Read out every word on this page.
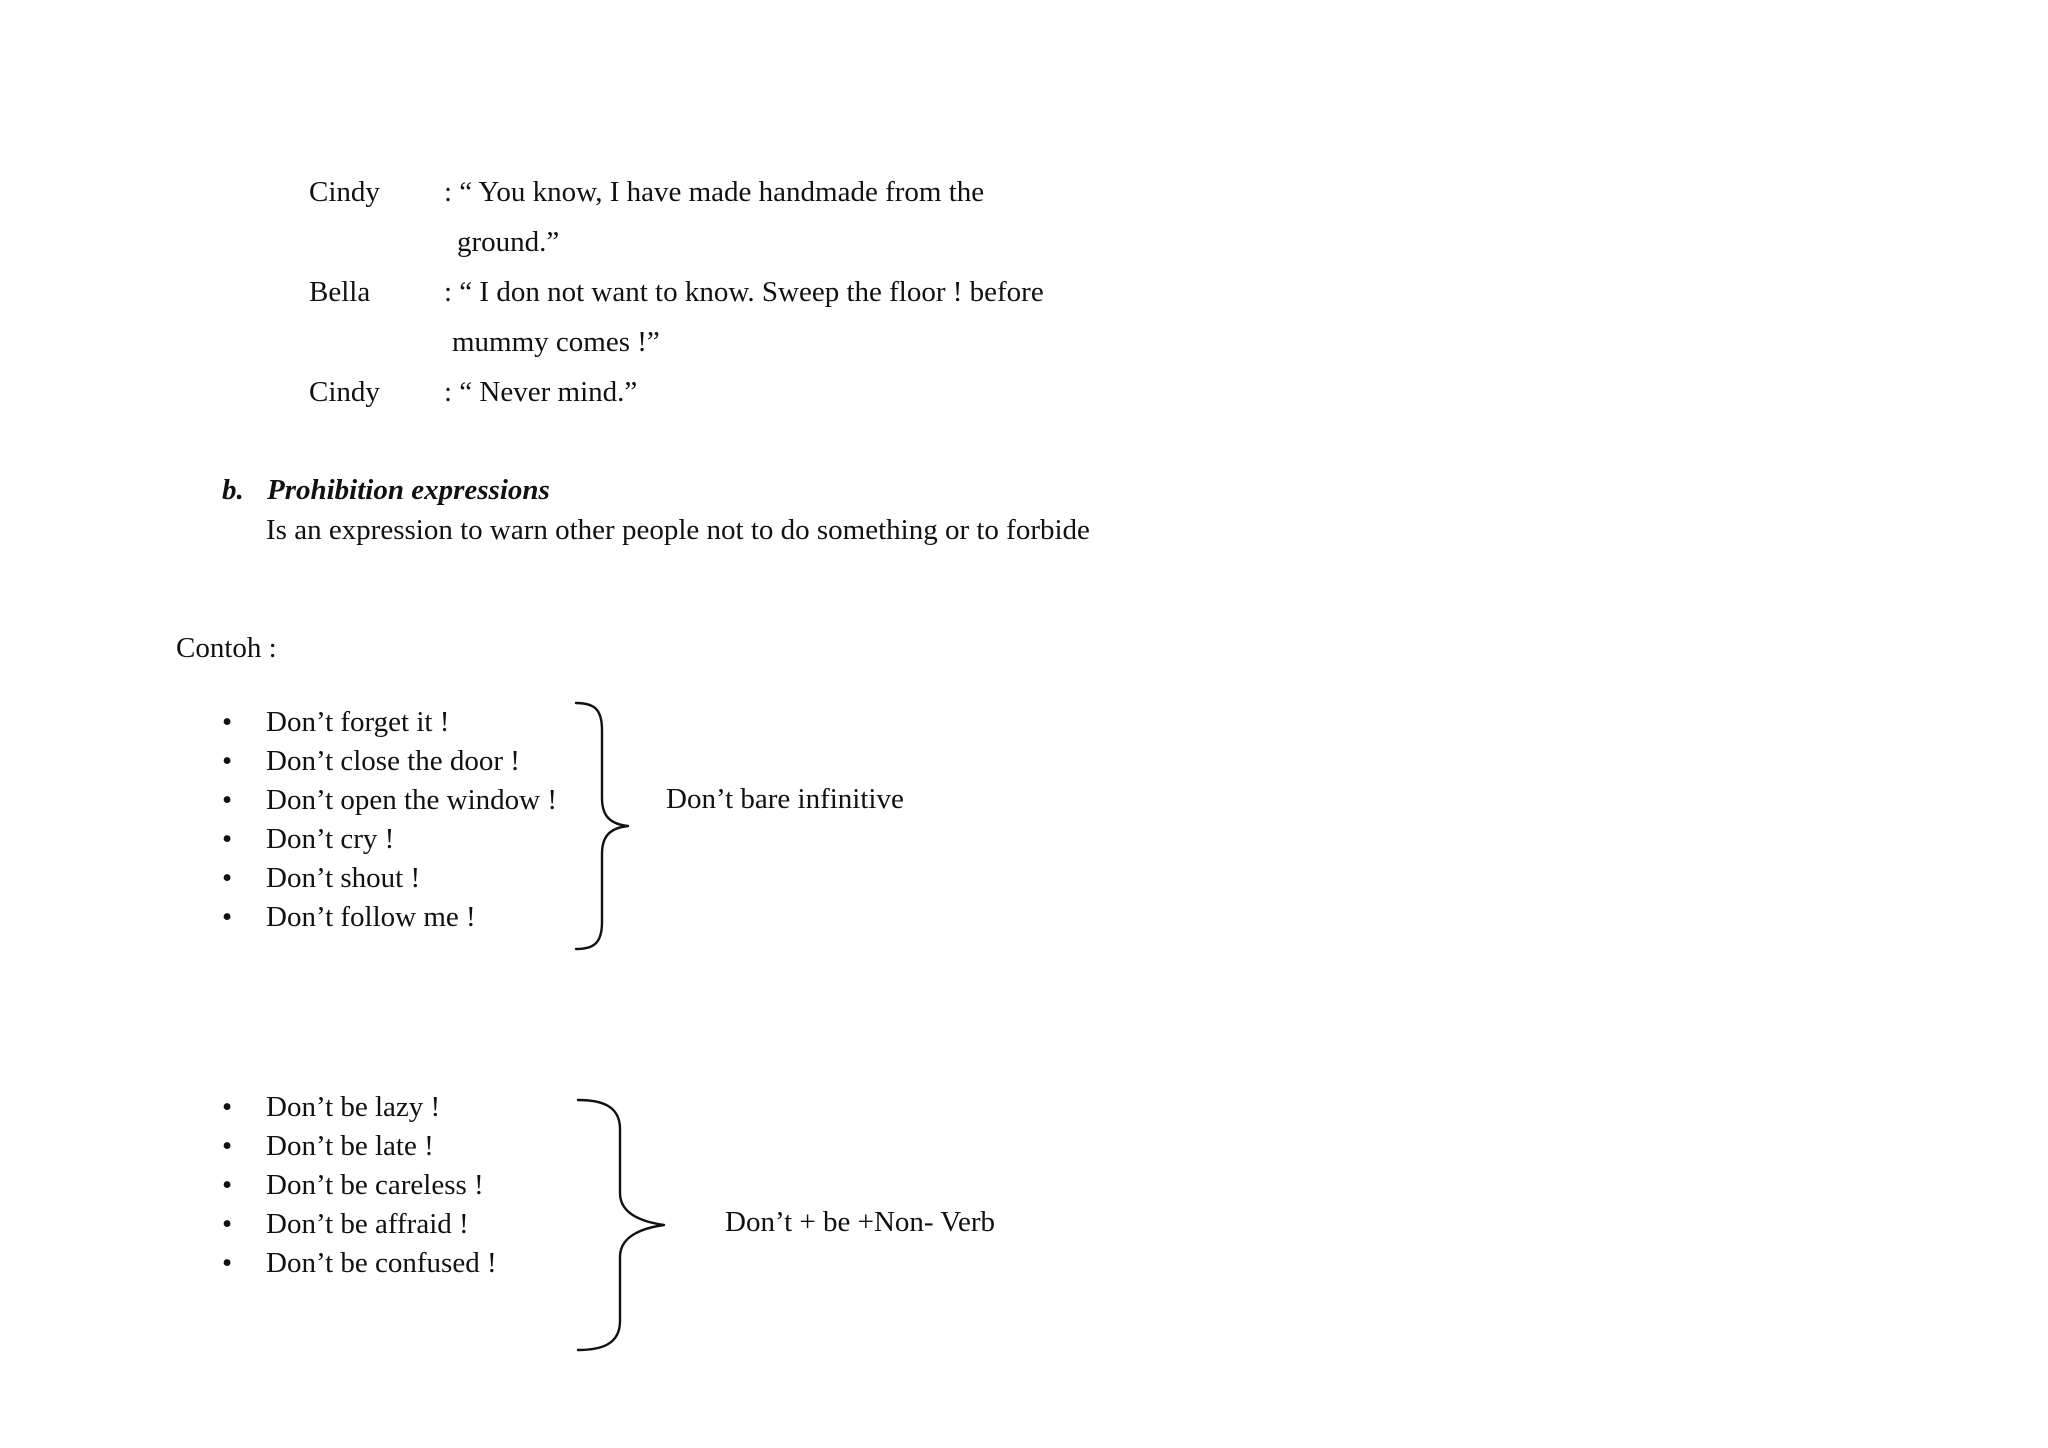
Cindy : “ You know, I have made handmade from the
ground.”
Bella	: “ I don not want to know. Sweep the floor ! before
mummy comes !”
Cindy : “ Never mind.”
b. Prohibition expressions
Is an expression to warn other people not to do something or to forbide
Contoh :
•	Don’t forget it !
•	Don’t close the door !
•	Don’t open the window !
•	Don’t cry !
•	Don’t shout !
•	Don’t follow me !
Don’t bare infinitive
•	Don’t be lazy !
•	Don’t be late !
•	Don’t be careless !
•	Don’t be affraid !
•	Don’t be confused !
Don’t + be +Non- Verb
